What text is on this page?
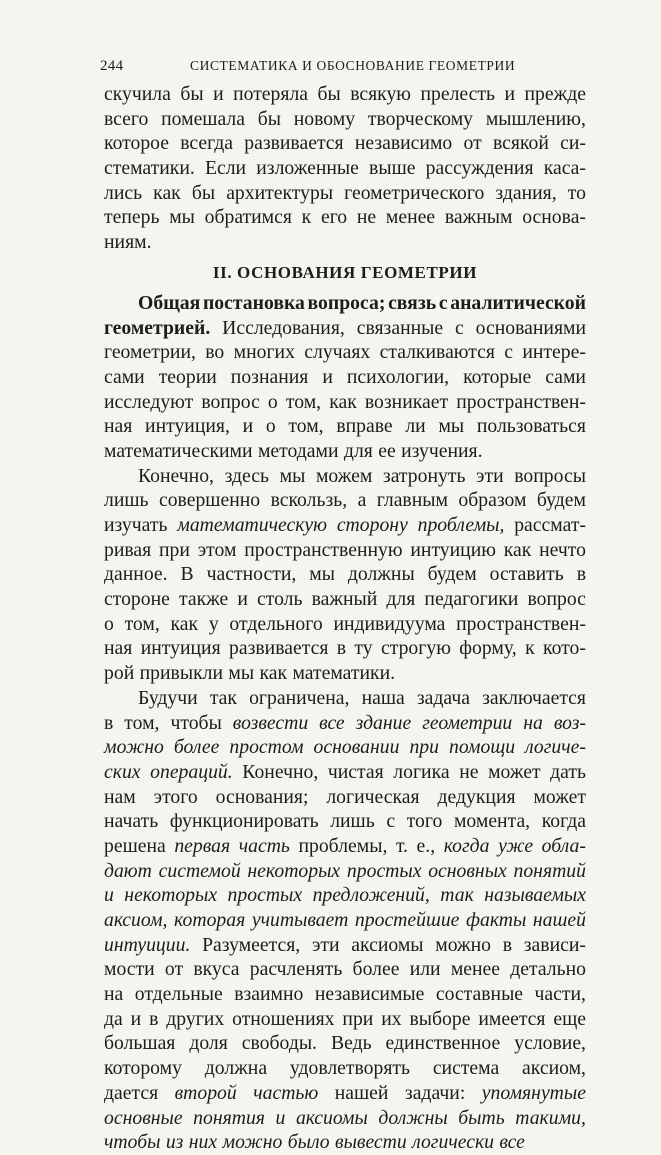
244	СИСТЕМАТИКА И ОБОСНОВАНИЕ ГЕОМЕТРИИ
скучила бы и потеряла бы всякую прелесть и прежде
всего помешала бы новому творческому мышлению,
которое всегда развивается независимо от всякой си-
стематики. Если изложенные выше рассуждения каса-
лись как бы архитектуры геометрического здания, то
теперь мы обратимся к его не менее важным основа-
ниям.
II. ОСНОВАНИЯ ГЕОМЕТРИИ
Общая постановка вопроса; связь с аналитической
геометрией. Исследования, связанные с основаниями
геометрии, во многих случаях сталкиваются с интере-
сами теории познания и психологии, которые сами
исследуют вопрос о том, как возникает пространствен-
ная интуиция, и о том, вправе ли мы пользоваться
математическими методами для ее изучения.
Конечно, здесь мы можем затронуть эти вопросы
лишь совершенно вскользь, а главным образом будем
изучать математическую сторону проблемы, рассмат-
ривая при этом пространственную интуицию как нечто
данное. В частности, мы должны будем оставить в
стороне также и столь важный для педагогики вопрос
о том, как у отдельного индивидуума пространствен-
ная интуиция развивается в ту строгую форму, к кото-
рой привыкли мы как математики.
Будучи так ограничена, наша задача заключается
в том, чтобы возвести все здание геометрии на воз-
можно более простом основании при помощи логиче-
ских операций. Конечно, чистая логика не может дать
нам этого основания; логическая дедукция может
начать функционировать лишь с того момента, когда
решена первая часть проблемы, т. е., когда уже обла-
дают системой некоторых простых основных понятий
и некоторых простых предложений, так называемых
аксиом, которая учитывает простейшие факты нашей
интуиции. Разумеется, эти аксиомы можно в зависи-
мости от вкуса расчленять более или менее детально
на отдельные взаимно независимые составные части,
да и в других отношениях при их выборе имеется еще
большая доля свободы. Ведь единственное условие,
которому должна удовлетворять система аксиом,
дается второй частью нашей задачи: упомянутые
основные понятия и аксиомы должны быть такими,
чтобы из них можно было вывести логически все
